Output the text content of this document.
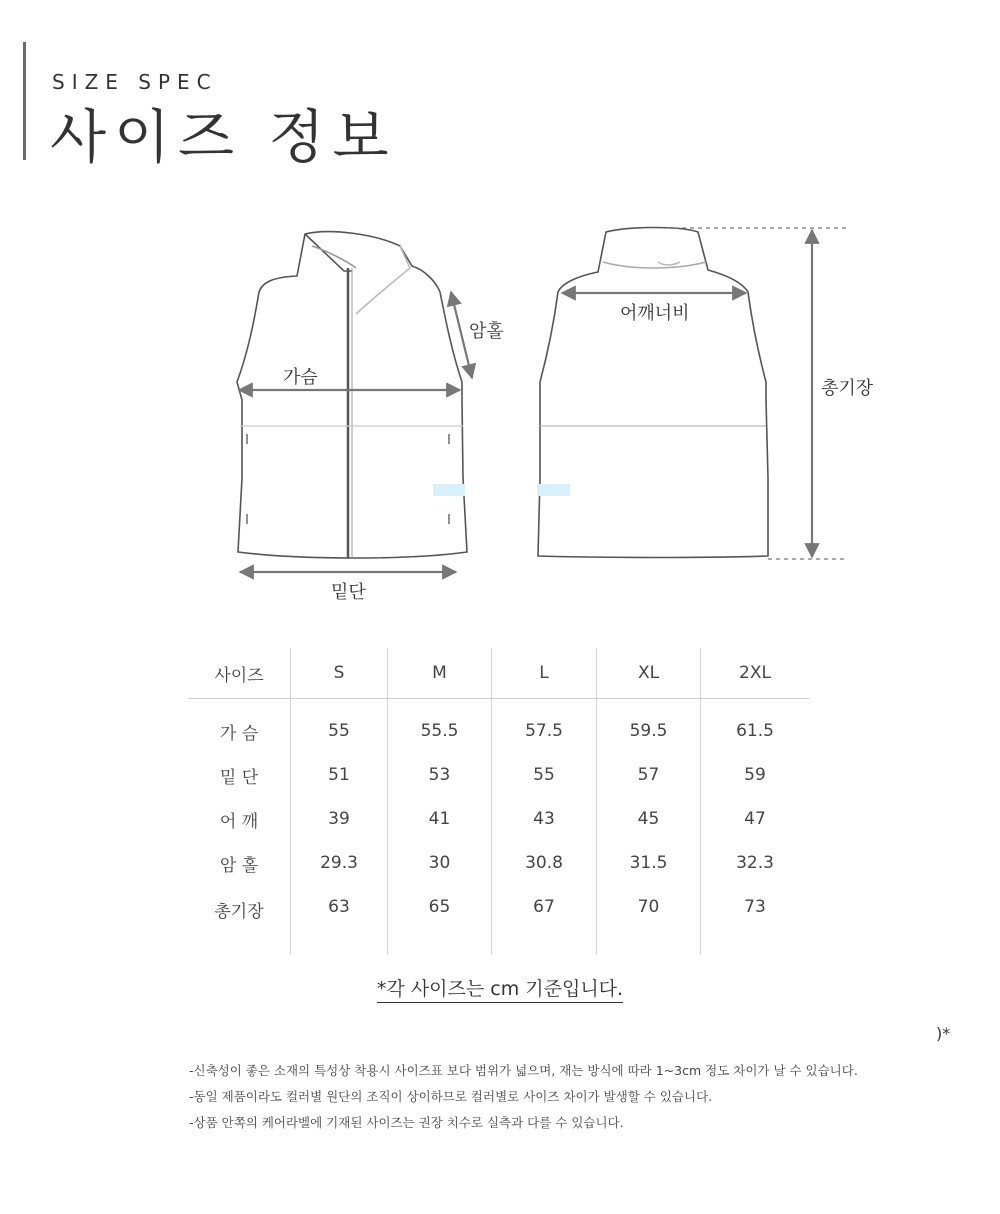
SIZE SPEC
사이즈 정보
가슴
암홀
밑단
어깨너비
총기장
사이즈	S	M	L	XL	2XL
가 슴	55	55.5	57.5	59.5	61.5
밑 단	51	53	55	57	59
어 깨	39	41	43	45	47
암 홀	29.3	30	30.8	31.5	32.3
총기장	63	65	67	70	73
*각 사이즈는 cm 기준입니다.
)*
-신축성이 좋은 소재의 특성상 착용시 사이즈표 보다 범위가 넓으며, 재는 방식에 따라 1~3cm 정도 차이가 날 수 있습니다.
-동일 제품이라도 컬러별 원단의 조직이 상이하므로 컬러별로 사이즈 차이가 발생할 수 있습니다.
-상품 안쪽의 케어라벨에 기재된 사이즈는 권장 치수로 실측과 다를 수 있습니다.
